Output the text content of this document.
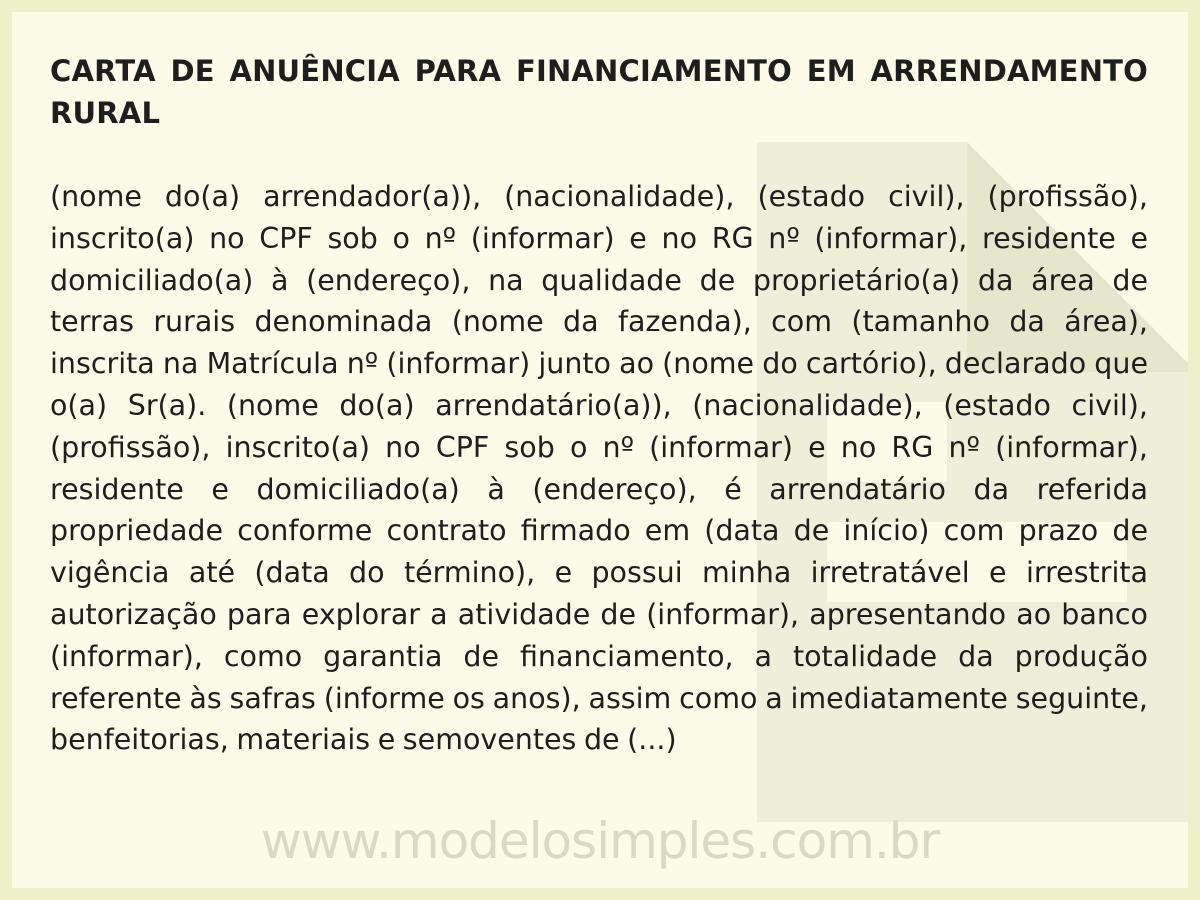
www.modelosimples.com.br
CARTA DE ANUÊNCIA PARA FINANCIAMENTO EM ARRENDAMENTO RURAL

(nome do(a) arrendador(a)), (nacionalidade), (estado civil), (profissão), inscrito(a) no CPF sob o nº (informar) e no RG nº (informar), residente e domiciliado(a) à (endereço), na qualidade de proprietário(a) da área de terras rurais denominada (nome da fazenda), com (tamanho da área), inscrita na Matrícula nº (informar) junto ao (nome do cartório), declarado que o(a) Sr(a). (nome do(a) arrendatário(a)), (nacionalidade), (estado civil), (profissão), inscrito(a) no CPF sob o nº (informar) e no RG nº (informar), residente e domiciliado(a) à (endereço), é arrendatário da referida propriedade conforme contrato firmado em (data de início) com prazo de vigência até (data do término), e possui minha irretratável e irrestrita autorização para explorar a atividade de (informar), apresentando ao banco (informar), como garantia de financiamento, a totalidade da produção referente às safras (informe os anos), assim como a imediatamente seguinte, benfeitorias, materiais e semoventes de (...)
